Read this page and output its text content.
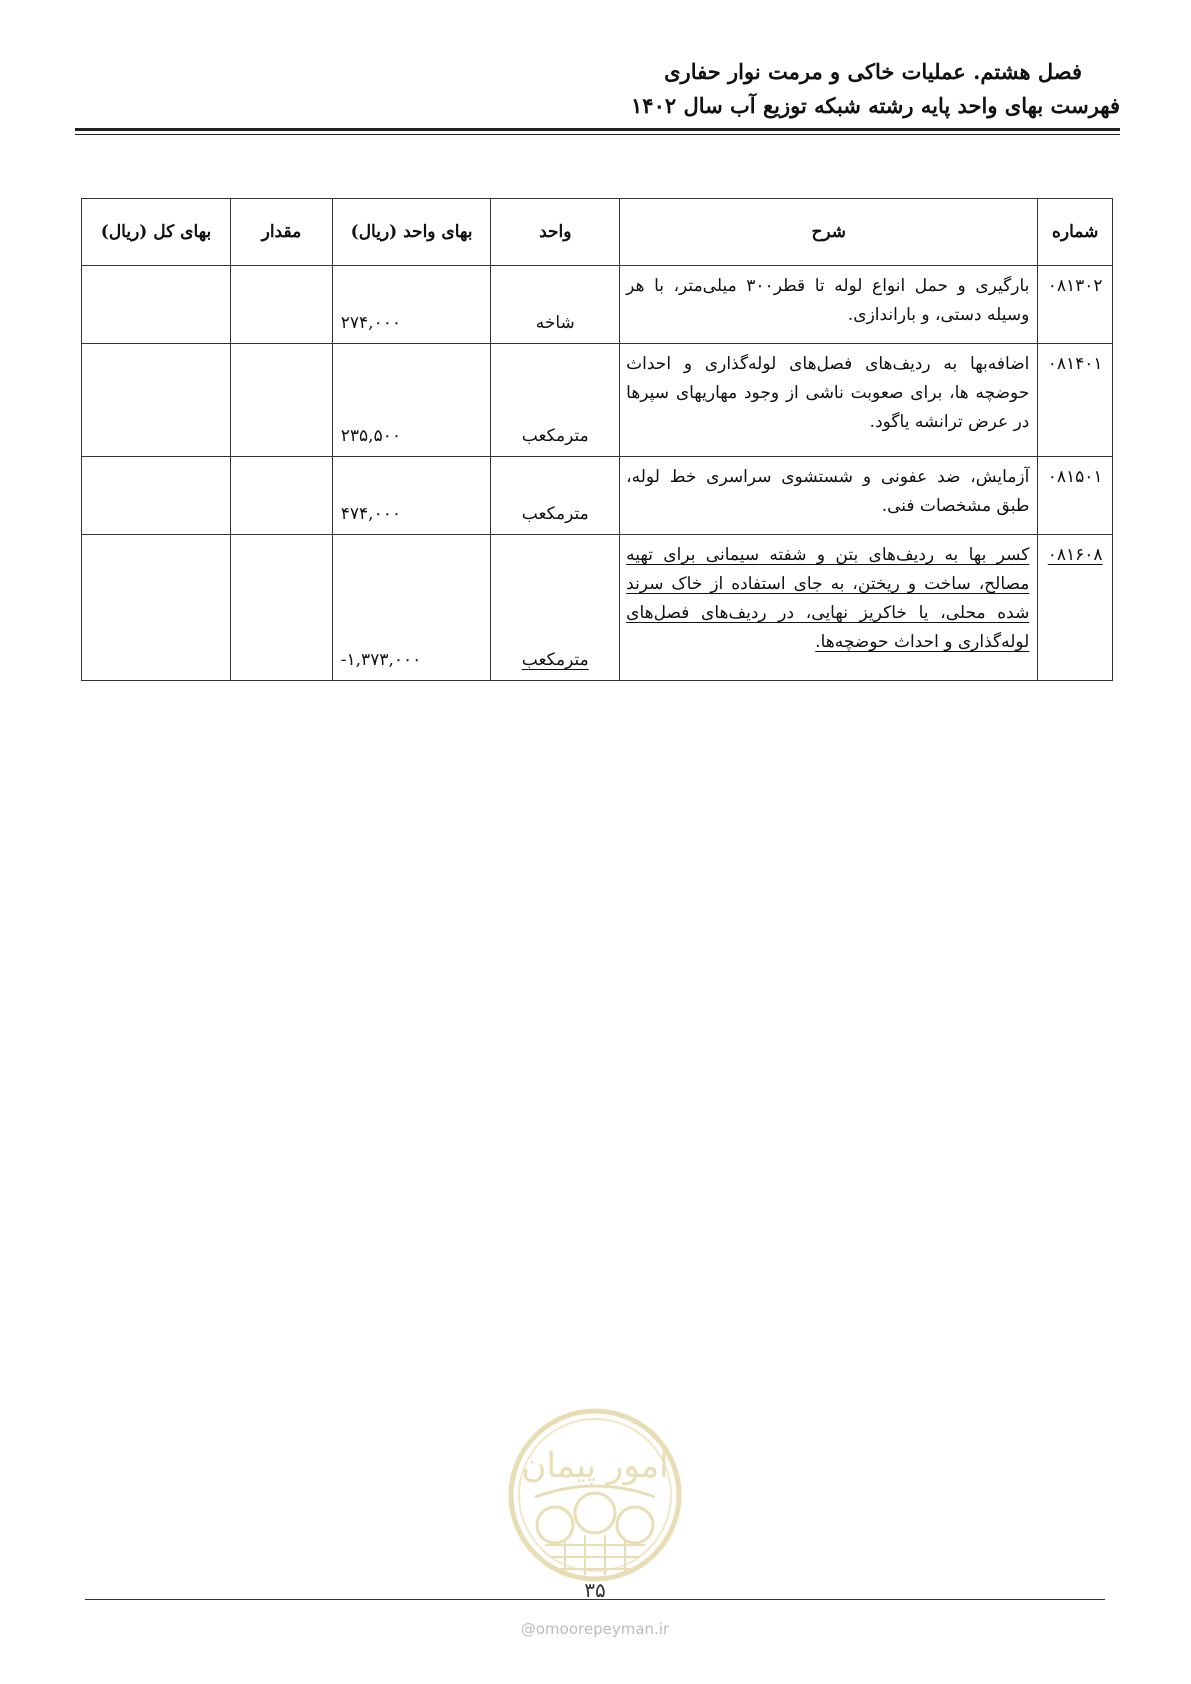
فصل هشتم. عملیات خاکی و مرمت نوار حفاری
فهرست بهای واحد پایه رشته شبکه توزیع آب سال ۱۴۰۲
شماره	شرح	واحد	بهای واحد (ریال)	مقدار	بهای کل (ریال)
۰۸۱۳۰۲	بارگیری و حمل انواع لوله تا قطر۳۰۰ میلی‌متر، با هر وسیله دستی، و باراندازی.	شاخه	۲۷۴,۰۰۰		
۰۸۱۴۰۱	اضافه‌بها به ردیف‌های فصل‌های لوله‌گذاری و احداث حوضچه ها، برای صعوبت ناشی از وجود مهاریهای سپرها در عرض ترانشه یاگود.	مترمکعب	۲۳۵,۵۰۰		
۰۸۱۵۰۱	آزمایش، ضد عفونی و شستشوی سراسری خط لوله، طبق مشخصات فنی.	مترمکعب	۴۷۴,۰۰۰		
۰۸۱۶۰۸	کسر بها به ردیف‌های بتن و شفته سیمانی برای تهیه مصالح، ساخت و ریختن، به جای استفاده از خاک سرند شده محلی، یا خاکریز نهایی، در ردیف‌های فصل‌های لوله‌گذاری و احداث حوضچه‌ها.	مترمکعب	-۱,۳۷۳,۰۰۰		
امور پیمان
۳۵
@omoorepeyman.ir
